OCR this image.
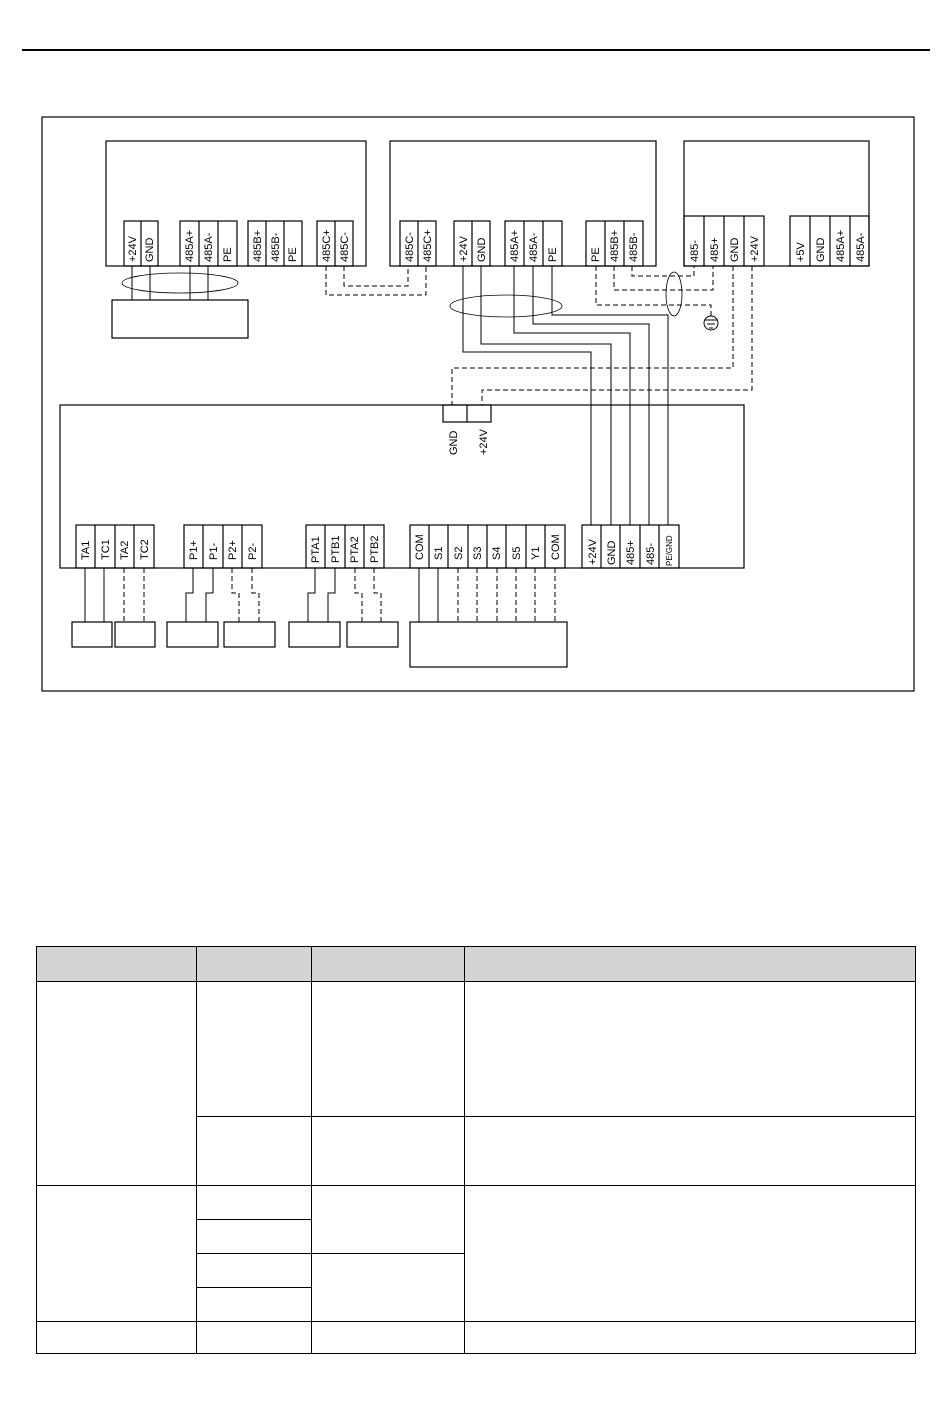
+24V GND	485A+ 485A- PE 485B+ 485B- PE 485C+ 485C-	485C- 485C+ +24V GND 485A+ 485A- PE	PE 485B+ 485B-	485- 485+ GND +24V	+5V GND 485A+ 485A-
GND +24V
TA1 TC1 TA2 TC2	P1+ P1- P2+ P2-	PTA1 PTB1 PTA2 PTB2	COM S1 S2 S3 S4 S5 Y1 COM +24V GND 485+ 485- PE/GND
